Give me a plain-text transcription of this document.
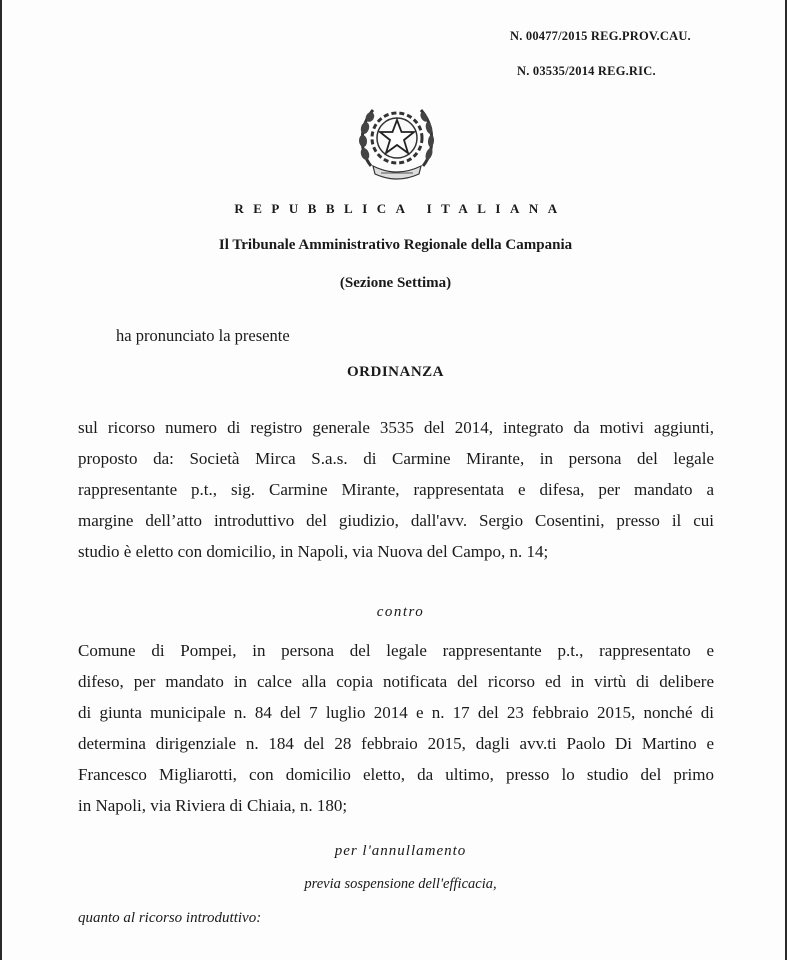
N. 00477/2015 REG.PROV.CAU.
N. 03535/2014 REG.RIC.
REPUBBLICA ITALIANA
Il Tribunale Amministrativo Regionale della Campania
(Sezione Settima)
ha pronunciato la presente
ORDINANZA
sul ricorso numero di registro generale 3535 del 2014, integrato da motivi aggiunti,
proposto da: Società Mirca S.a.s. di Carmine Mirante, in persona del legale
rappresentante p.t., sig. Carmine Mirante, rappresentata e difesa, per mandato a
margine dell’atto introduttivo del giudizio, dall'avv. Sergio Cosentini, presso il cui
studio è eletto con domicilio, in Napoli, via Nuova del Campo, n. 14;
contro
Comune di Pompei, in persona del legale rappresentante p.t., rappresentato e
difeso, per mandato in calce alla copia notificata del ricorso ed in virtù di delibere
di giunta municipale n. 84 del 7 luglio 2014 e n. 17 del 23 febbraio 2015, nonché di
determina dirigenziale n. 184 del 28 febbraio 2015, dagli avv.ti Paolo Di Martino e
Francesco Migliarotti, con domicilio eletto, da ultimo, presso lo studio del primo
in Napoli, via Riviera di Chiaia, n. 180;
per l'annullamento
previa sospensione dell'efficacia,
quanto al ricorso introduttivo:
